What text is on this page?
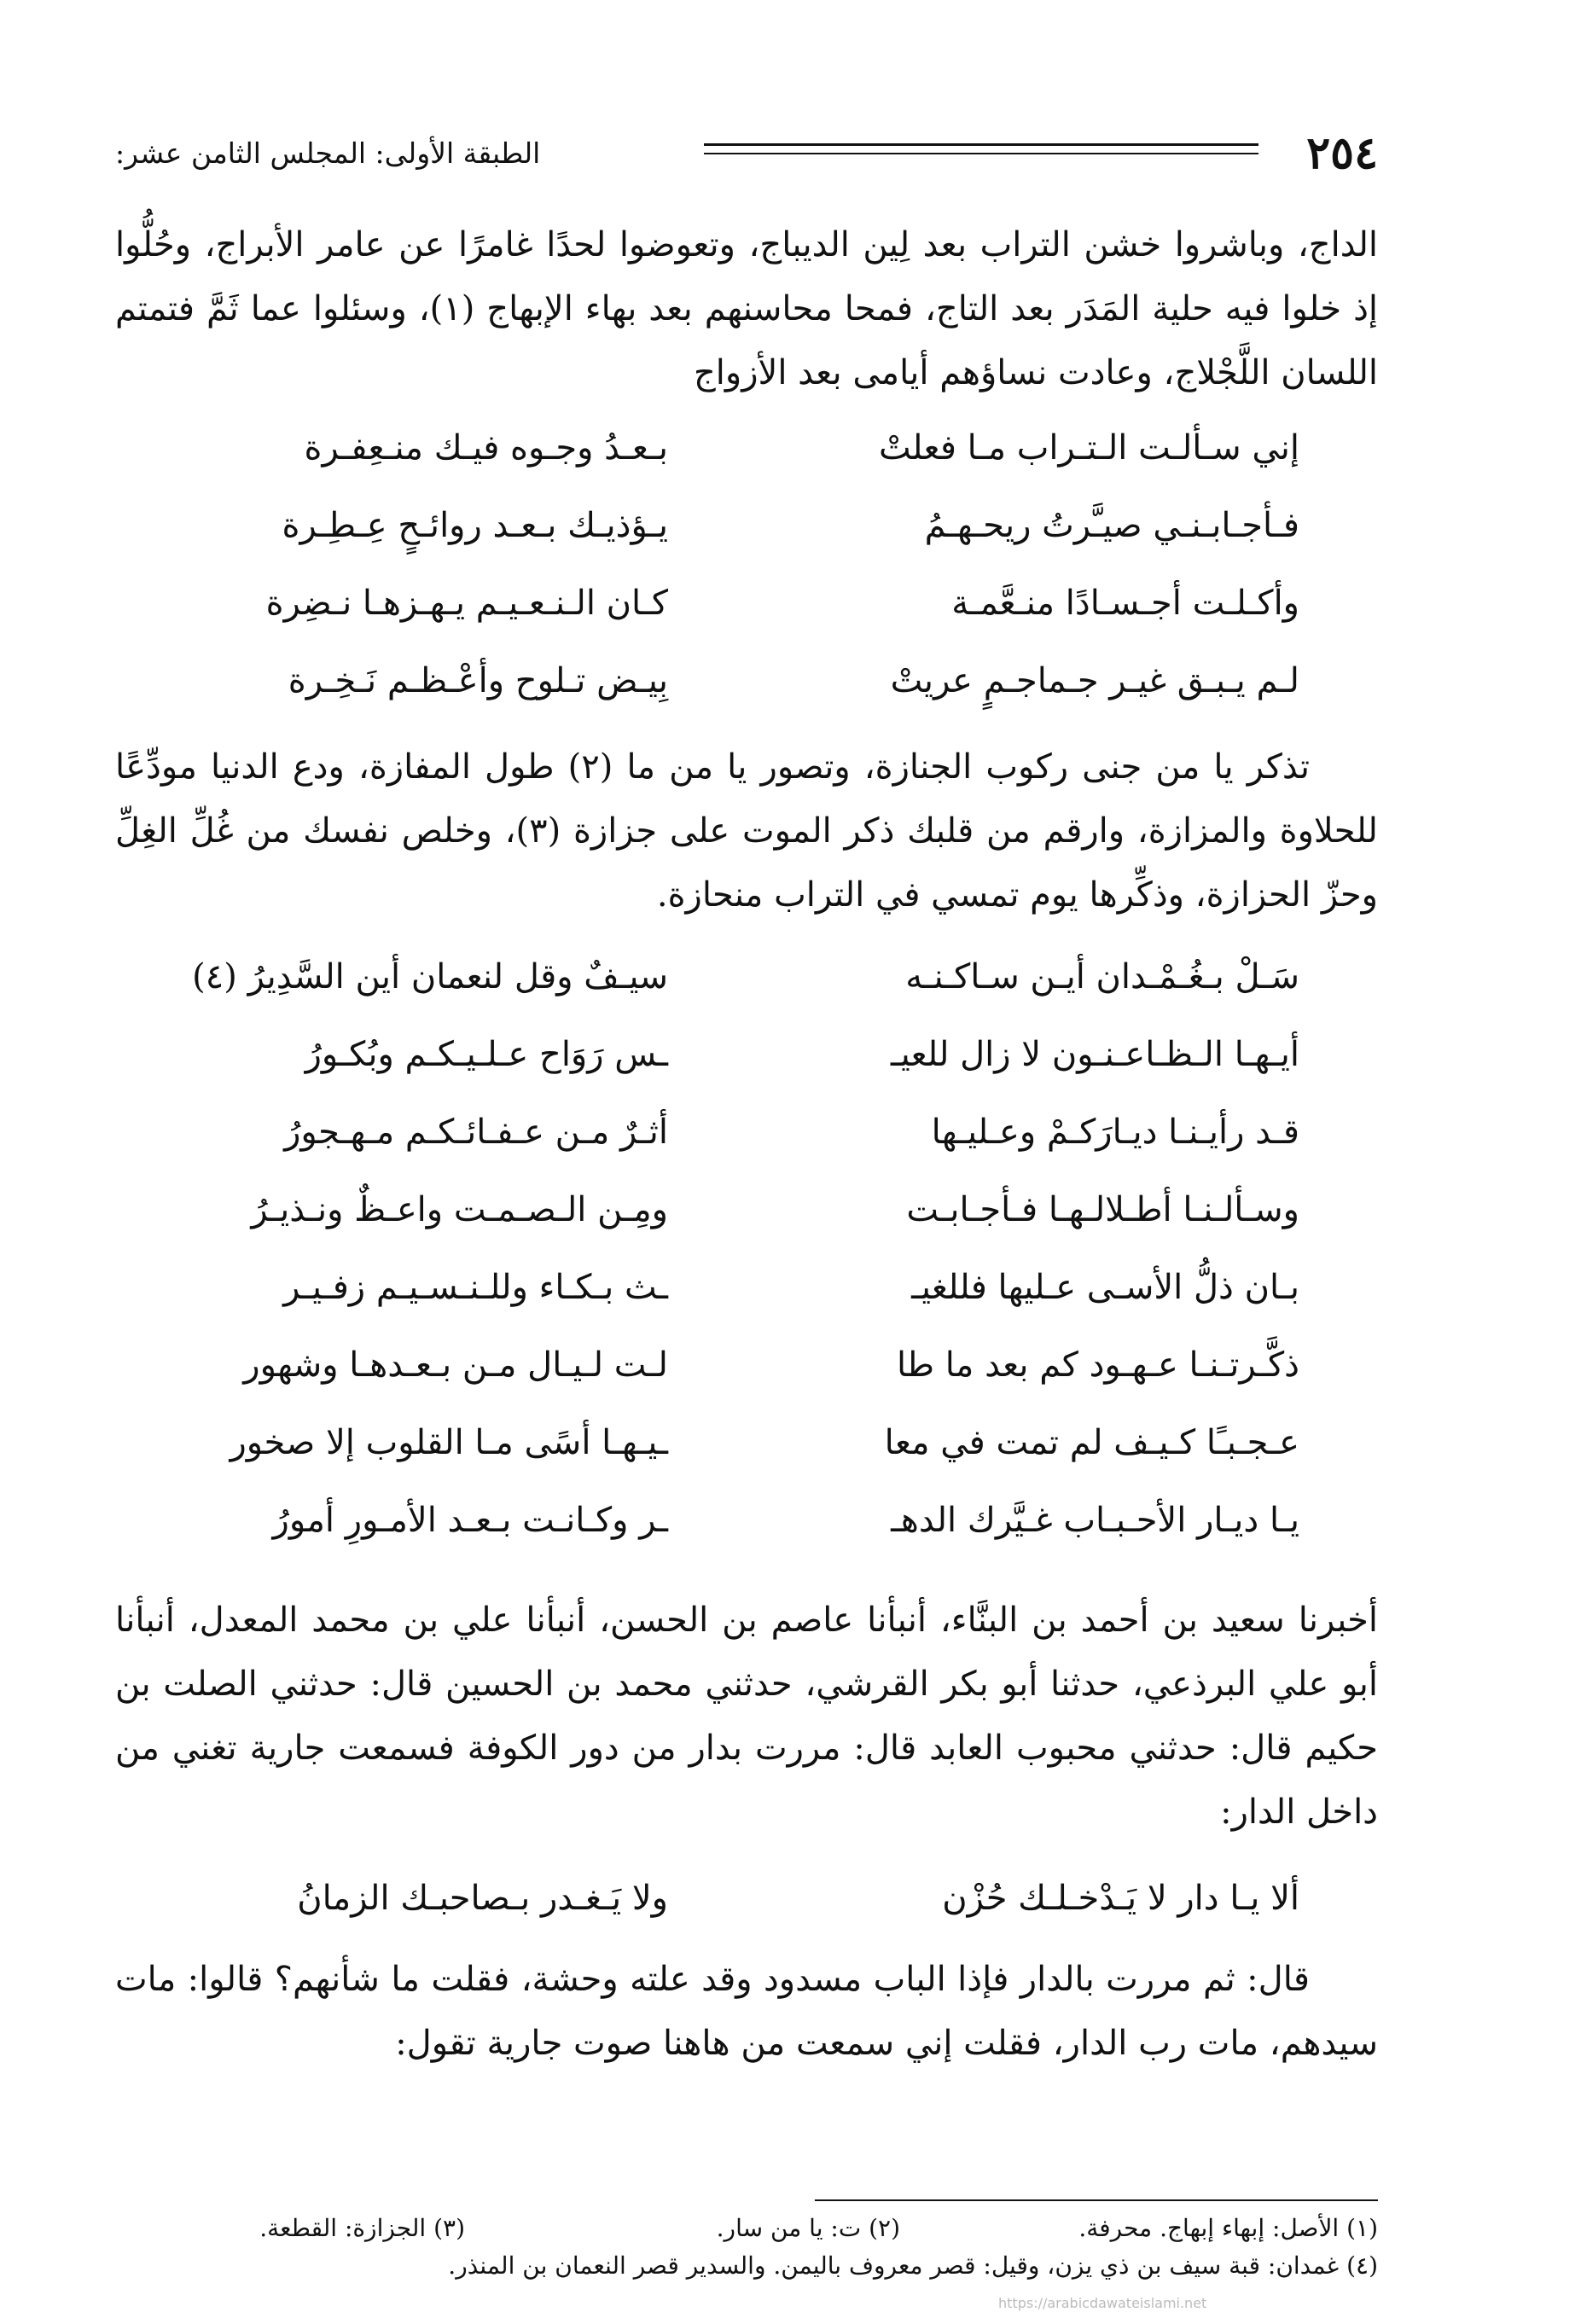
٢٥٤
الطبقة الأولى: المجلس الثامن عشر:

الداج، وباشروا خشن التراب بعد لِين الديباج، وتعوضوا لحدًا غامرًا عن عامر الأبراج، وحُلُّوا إذ خلوا فيه حلية المَدَر بعد التاج، فمحا محاسنهم بعد بهاء الإبهاج (١)، وسئلوا عما ثَمَّ فتمتم اللسان اللَّجْلاج، وعادت نساؤهم أيامى بعد الأزواج

إني سـألـت الـتـراب مـا فعلتْ
بـعـدُ وجـوه فيـك منـعِفـرة
فـأجـابـنـي صيـَّرتُ ريحـهـمُ
يـؤذيـك بـعـد روائـحٍ عِـطِـرة
وأكـلـت أجـسـادًا منـعَّمـة
كـان الـنـعـيـم يـهـزهـا نـضِرة
لـم يـبـق غيـر جـماجـمٍ عريتْ
بِيـض تـلوح وأعْـظـم نَـخِـرة

تذكر يا من جنى ركوب الجنازة، وتصور يا من ما (٢) طول المفازة، ودع الدنيا مودِّعًا للحلاوة والمزازة، وارقم من قلبك ذكر الموت على جزازة (٣)، وخلص نفسك من غُلِّ الغِلِّ وحزّ الحزازة، وذكِّرها يوم تمسي في التراب منحازة.

سَـلْ بـغُـمْـدان أيـن سـاكـنـه
سيـفٌ وقل لنعمان أين السَّدِيرُ (٤)
أيـهـا الـظـاعـنـون لا زال للعيـ
ـس رَوَاح عـلـيـكـم وبُكـورُ
قـد رأيـنـا ديـارَكـمْ وعـليـها
أثـرٌ مـن عـفـائـكـم مـهـجورُ
وسـألـنـا أطـلالـهـا فـأجـابـت
ومِـن الـصـمـت واعـظٌ ونـذيـرُ
بـان ذلُّ الأسـى عـليها فللغيـ
ـث بـكـاء وللـنـسـيـم زفـيـر
ذكَّـرتـنـا عـهـود كم بعد ما طا
لـت لـيـال مـن بـعـدهـا وشهور
عـجـبـًا كـيـف لم تمت في معا
ـيـهـا أسًى مـا القلوب إلا صخور
يـا ديـار الأحـبـاب غـيَّرك الدهـ
ـر وكـانـت بـعـد الأمـورِ أمورُ

أخبرنا سعيد بن أحمد بن البنَّاء، أنبأنا عاصم بن الحسن، أنبأنا علي بن محمد المعدل، أنبأنا أبو علي البرذعي، حدثنا أبو بكر القرشي، حدثني محمد بن الحسين قال: حدثني الصلت بن حكيم قال: حدثني محبوب العابد قال: مررت بدار من دور الكوفة فسمعت جارية تغني من داخل الدار:

ألا يـا دار لا يَـدْخـلـك حُزْن
ولا يَـغـدر بـصاحبـك الزمانُ

قال: ثم مررت بالدار فإذا الباب مسدود وقد علته وحشة، فقلت ما شأنهم؟ قالوا: مات سيدهم، مات رب الدار، فقلت إني سمعت من هاهنا صوت جارية تقول:

(١) الأصل: إبهاء إبهاج. محرفة.
(٢) ت: يا من سار.
(٣) الجزازة: القطعة.
(٤) غمدان: قبة سيف بن ذي يزن، وقيل: قصر معروف باليمن. والسدير قصر النعمان بن المنذر.
https://arabicdawateislami.net
